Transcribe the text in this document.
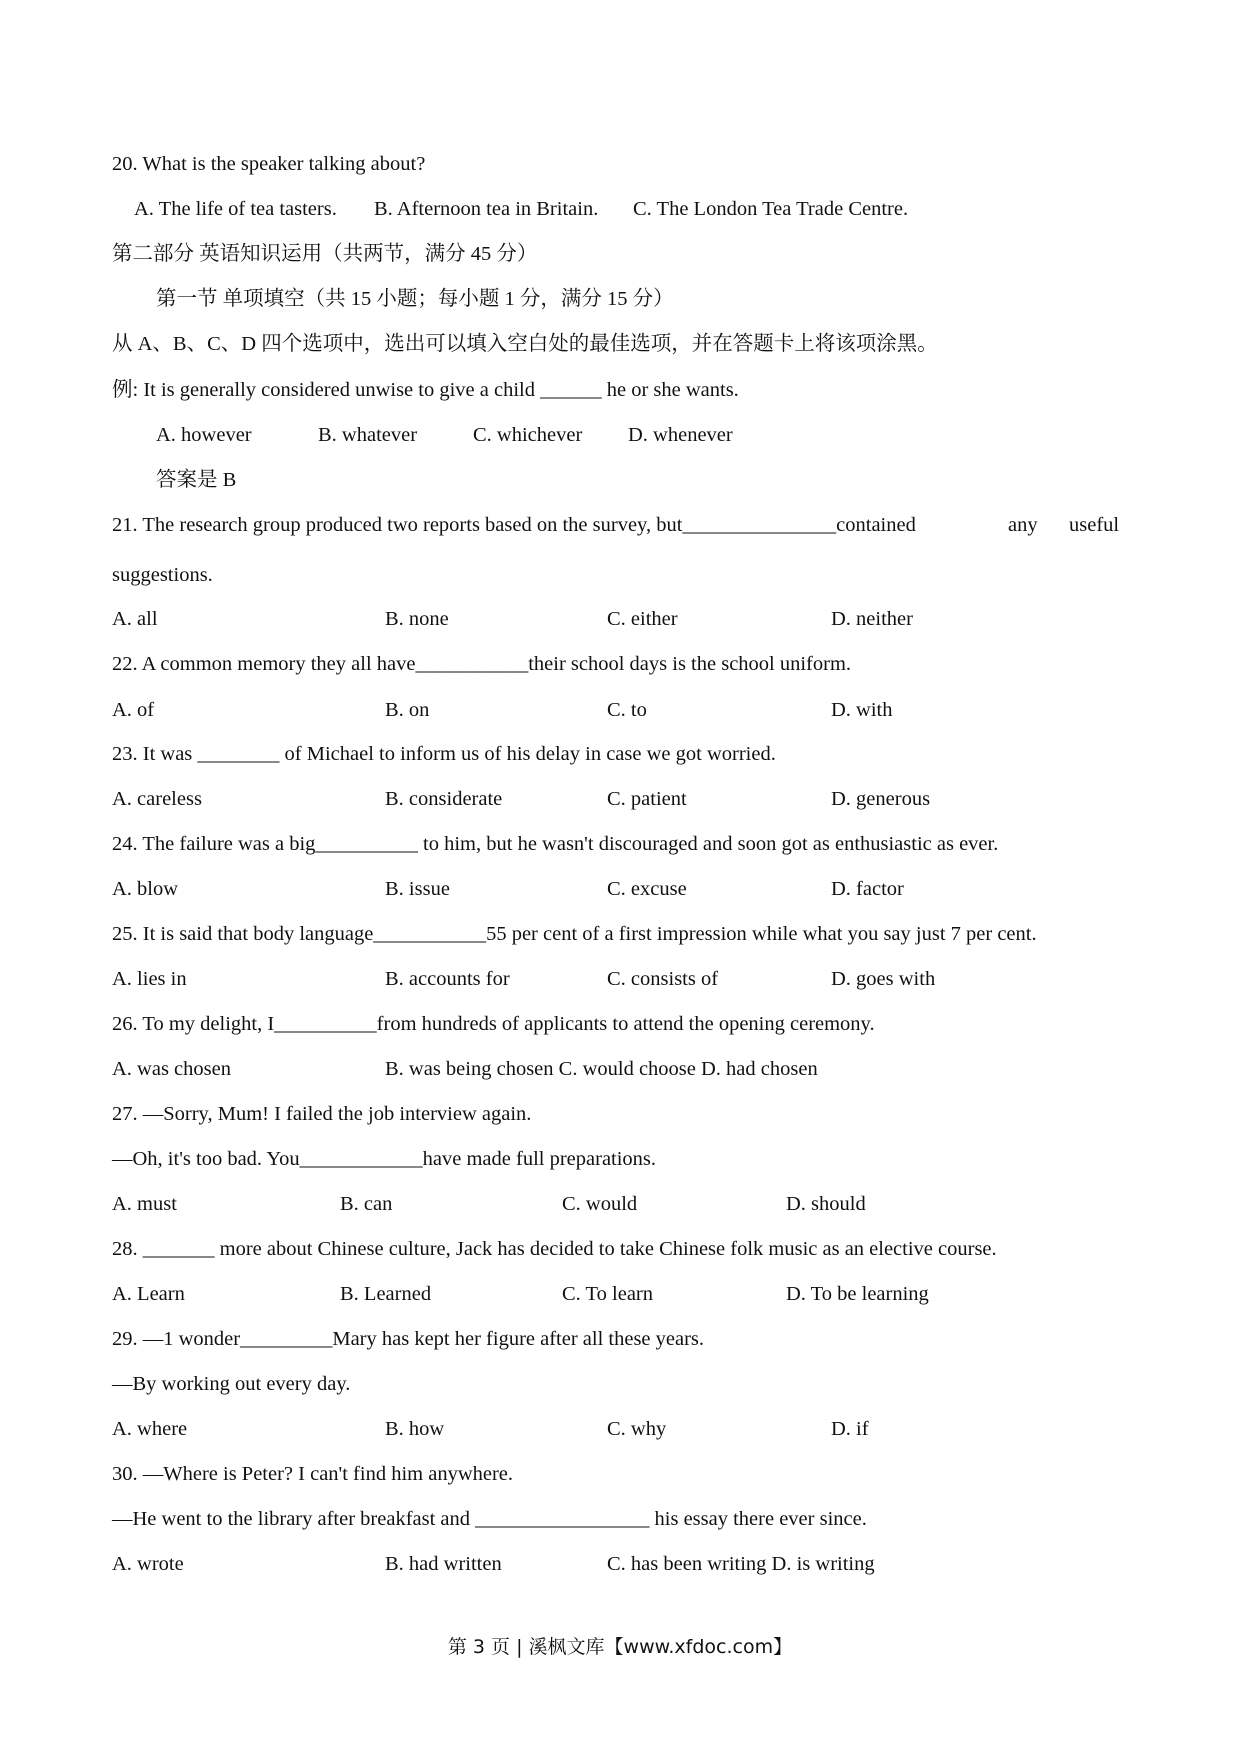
20. What is the speaker talking about?
A. The life of tea tasters. B. Afternoon tea in Britain. C. The London Tea Trade Centre.
第二部分 英语知识运用（共两节，满分 45 分）
第一节 单项填空（共 15 小题；每小题 1 分，满分 15 分）
从 A、B、C、D 四个选项中，选出可以填入空白处的最佳选项，并在答题卡上将该项涂黑。
例: It is generally considered unwise to give a child ______ he or she wants.
A. however	B. whatever	C. whichever D. whenever
答案是 B
21. The research group produced two reports based on the survey, but_______________contained	any useful
suggestions.
A. all	B. none	C. either	D. neither
22. A common memory they all have___________their school days is the school uniform.
A. of	B. on	C. to	D. with
23. It was ________ of Michael to inform us of his delay in case we got worried.
A. careless	B. considerate	C. patient	D. generous
24. The failure was a big__________ to him, but he wasn't discouraged and soon got as enthusiastic as ever.
A. blow	B. issue	C. excuse	D. factor
25. It is said that body language___________55 per cent of a first impression while what you say just 7 per cent.
A. lies in	B. accounts for	C. consists of	D. goes with
26. To my delight, I__________from hundreds of applicants to attend the opening ceremony.
A. was chosen	B. was being chosen C. would choose D. had chosen
27. —Sorry, Mum! I failed the job interview again.
—Oh, it's too bad. You____________have made full preparations.
A. must	B. can	C. would	D. should
28. _______ more about Chinese culture, Jack has decided to take Chinese folk music as an elective course.
A. Learn	B. Learned	C. To learn	D. To be learning
29. —1 wonder_________Mary has kept her figure after all these years.
—By working out every day.
A. where	B. how	C. why	D. if
30. —Where is Peter? I can't find him anywhere.
—He went to the library after breakfast and _________________ his essay there ever since.
A. wrote	B. had written	C. has been writing D. is writing
第 3 页 | 溪枫文库【www.xfdoc.com】
